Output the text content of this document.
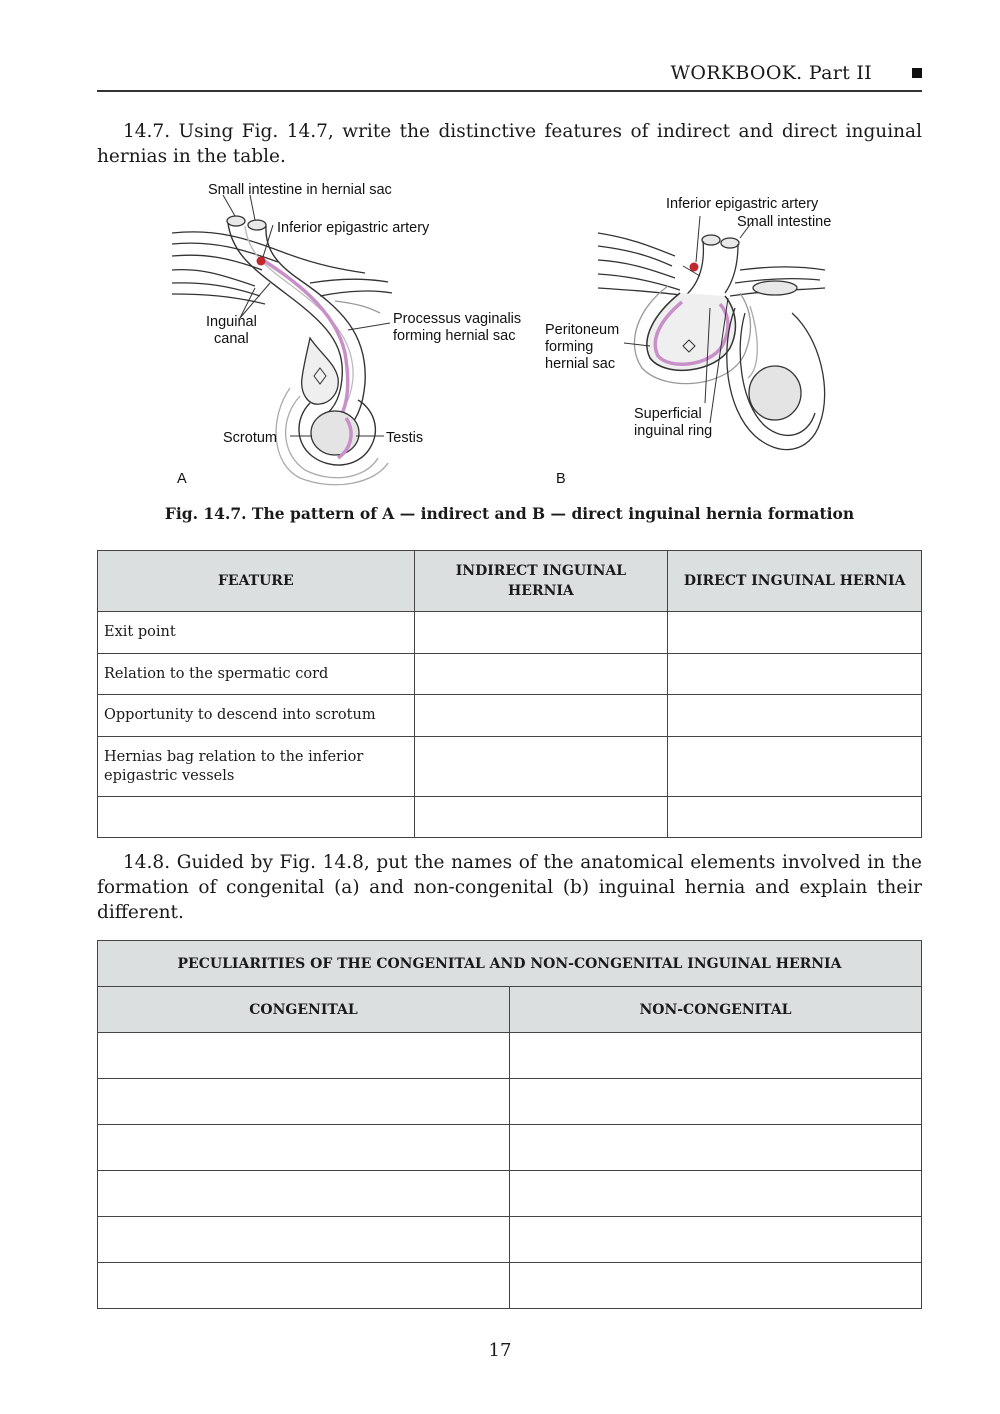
WORKBOOK. Part II

14.7. Using Fig. 14.7, write the distinctive features of indirect and direct inguinal hernias in the table.

Small intestine in hernial sac
Inferior epigastric artery
Inguinal
canal
Processus vaginalis
forming hernial sac
Scrotum	Testis
A
Inferior epigastric artery
Small intestine
Peritoneum
forming
hernial sac
Superficial
inguinal ring
B

Fig. 14.7. The pattern of A — indirect and B — direct inguinal hernia formation

FEATURE	INDIRECT INGUINAL HERNIA	DIRECT INGUINAL HERNIA
Exit point		
Relation to the spermatic cord		
Opportunity to descend into scrotum		
Hernias bag relation to the inferior epigastric vessels		

14.8. Guided by Fig. 14.8, put the names of the anatomical elements involved in the formation of congenital (a) and non-congenital (b) inguinal hernia and explain their different.

PECULIARITIES OF THE CONGENITAL AND NON-CONGENITAL INGUINAL HERNIA	
CONGENITAL	NON-CONGENITAL

17
